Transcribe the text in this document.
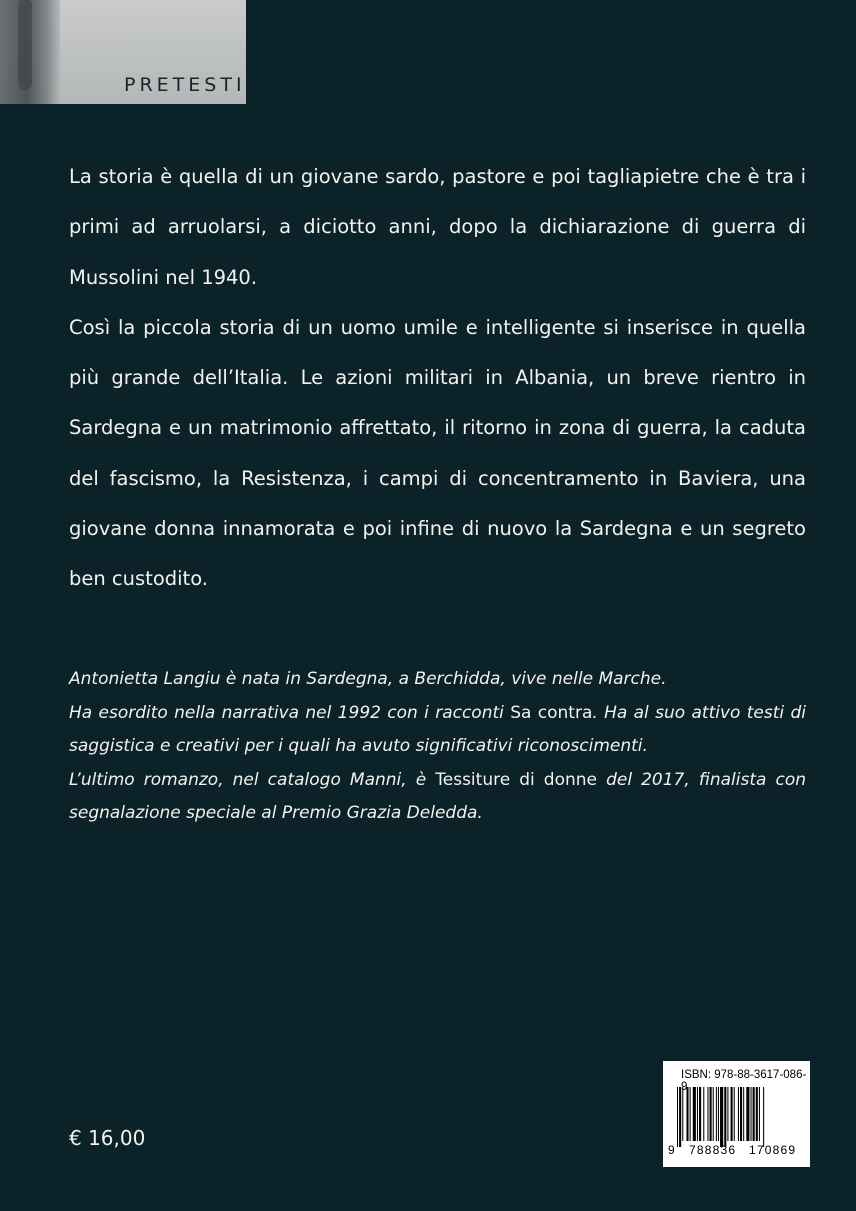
PRETESTI

La storia è quella di un giovane sardo, pastore e poi tagliapietre che è tra i primi ad arruolarsi, a diciotto anni, dopo la dichiarazione di guerra di Mussolini nel 1940.

Così la piccola storia di un uomo umile e intelligente si inserisce in quella più grande dell’Italia. Le azioni militari in Albania, un breve rientro in Sardegna e un matrimonio affrettato, il ritorno in zona di guerra, la caduta del fascismo, la Resistenza, i campi di concentramento in Baviera, una giovane donna innamorata e poi infine di nuovo la Sardegna e un segreto ben custodito.

Antonietta Langiu è nata in Sardegna, a Berchidda, vive nelle Marche.

Ha esordito nella narrativa nel 1992 con i racconti Sa contra. Ha al suo attivo testi di saggistica e creativi per i quali ha avuto significativi riconoscimenti.

L’ultimo romanzo, nel catalogo Manni, è Tessiture di donne del 2017, finalista con segnalazione speciale al Premio Grazia Deledda.

€ 16,00
ISBN: 978-88-3617-086-9
9 788836 170869
